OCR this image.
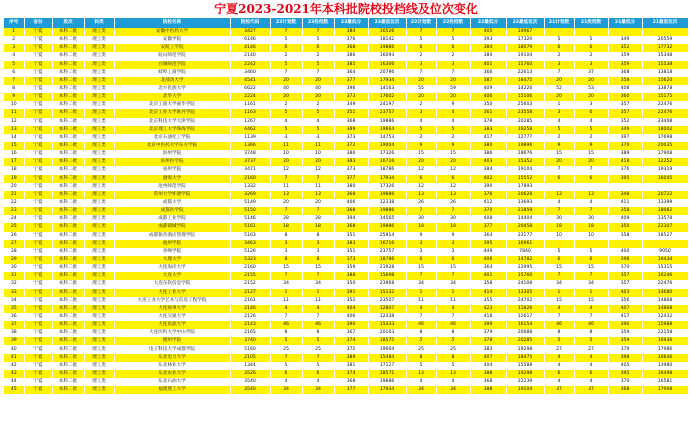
宁夏2023-2021年本科批院校投档线及位次变化
序号	省份	批次	科类	院校名称	院校代码	23计划数	23投档数	23最低分	23最低位次	22计划数	22投档数	22最低分	22最低位次	21计划数	21投档数	21最低分	21最低位次
1	宁夏	本科二批	理工类	安徽中医药大学	3427	7	7	384	16526	7	7	405	14967				
2	宁夏	本科二批	理工类	安徽学院	6146	5	5	376	18142	5	5	393	17320	5	5	349	20559
3	宁夏	本科二批	理工类	安航工学院	4146	6	6	368	19886	6	6	384	18079	6	6	352	17732
4	宁夏	本科二批	理工类	皖山师范学院	2140	2	2	386	16093	2	2	384	19104	2	2	359	15348
5	宁夏	本科二批	理工类	白城师范学院	2242	5	5	385	16306	3	3	401	15760	3	3	359	15538
6	宁夏	本科二批	理工类	蚌埠工商学院	3460	7	7	364	20796	7	7	366	22613	7	37	368	13818
7	宁夏	本科二批	理工类	北部湾大学	4541	20	20	377	17934	20	20	387	18475	20	20	358	15620
8	宁夏	本科二批	理工类	北方民族大学	6622	40	40	396	14163	55	59	409	14226	52	53	408	13878
9	宁夏	本科二批	理工类	北华大学	2224	20	20	373	17602	20	20	406	15106	20	20	360	15175
10	宁夏	本科二批	理工类	北京工商大学嘉华学院	1161	2	2	349	24197	2	9	350	25603	1	3	357	22476
11	宁夏	本科二批	理工类	北京工业大学耿丹学院	1163	5	5	351	23757	3	4	361	23558	3	6	357	22476
12	宁夏	本科二批	理工类	北京科技大学天津学院	1267	4	4	368	19886	4	4	378	20285	4	4	352	23408
13	宁夏	本科二批	理工类	北京理工大学珠海学院	4462	5	5	389	19664	5	5	383	19258	5	5	349	18002
14	宁夏	本科二批	理工类	北京石油化工学院	1139	3	3	373	14753	2	2	417	12777	2	2	397	17698
15	宁夏	本科二批	理工类	北京中医药大学东方学院	1366	11	11	372	19004	9	9	380	19896	9	9	370	20035
16	宁夏	本科二批	理工类	滨州学院	3748	10	10	380	17326	15	15	386	18676	15	15	389	17908
17	宁夏	本科二批	理工类	滨州医学院	3737	20	20	383	16716	20	20	403	15352	20	20	418	12252
18	宁夏	本科二批	理工类	亳州学院	3471	12	12	373	18786	12	12	384	19104	7	7	376	19319
19	宁夏	本科二批	理工类	渤海大学	2160	7	7	377	17934	6	6	402	15552	6	6	395	16045
20	宁夏	本科二批	理工类	沧州师范学院	1332	11	11	380	17326	12	12	390	17893				
21	宁夏	本科二批	理工类	常州大学怀德学院	3269	13	13	368	19886	13	13	376	20628	13	13	348	20722
22	宁夏	本科二批	理工类	成都大学	5149	20	20	406	12338	26	26	412	13693	4	4	411	13399
23	宁夏	本科二批	理工类	成都医学院	5150	7	7	368	19886	7	7	370	21859	7	7	358	18082
24	宁夏	本科二批	理工类	成都工业学院	5146	28	28	394	14565	30	30	408	14404	30	30	409	13578
25	宁夏	本科二批	理工类	成都锦城学院	5161	18	18	368	19886	18	18	377	20458	18	18	350	22307
26	宁夏	本科二批	理工类	成都银杏酒店管理学院	5163	8	8	351	25914	9	9	364	23177	10	10	358	18527
27	宁夏	本科二批	理工类	池州学院	3463	3	3	383	16716	3	3	395	16961				
28	宁夏	本科二批	理工类	赤峰学院	5126	3	3	351	23757	3	3	449	7840	5	5	400	9050
29	宁夏	本科二批	理工类	大理大学	5323	8	8	373	18786	6	6	406	14782	6	6	398	16434
30	宁夏	本科二批	理工类	大连海洋大学	2160	15	15	359	21928	15	15	364	22995	15	15	370	15315
31	宁夏	本科二批	理工类	大连大学	2155	7	7	388	15698	7	7	401	15760	7	7	357	16246
32	宁夏	本科二批	理工类	大连东软信息学院	2152	34	34	350	23968	34	34	358	24108	34	34	357	22476
33	宁夏	本科二批	理工类	大连工业大学	2127	1	1	391	15132	1	1	414	13305	1	1	403	14680
34	宁夏	本科二批	理工类	大连工业大学艺术与信息工程学院	2161	11	11	352	23507	11	11	355	24702	15	15	356	14868
35	宁夏	本科二批	理工类	大连海事大学	2146	4	4	404	12807	4	4	423	11826	4	4	407	14868
36	宁夏	本科二批	理工类	大连交通大学	2126	7	7	406	12338	7	7	418	12617	7	7	417	12432
37	宁夏	本科二批	理工类	大连民族大学	2143	46	46	390	15333	46	46	399	16154	46	46	396	15988
38	宁夏	本科二批	理工类	大连医科大学中山学院	2165	8	8	367	20103	8	8	379	20088	8	8	359	22158
39	宁夏	本科二批	理工类	德州学院	3740	5	5	374	18575	5	5	378	20285	5	5	359	16936
40	宁夏	本科二批	理工类	电子科技大学成都学院	5160	25	25	372	19004	25	25	383	19298	27	27	379	17986
41	宁夏	本科二批	理工类	东北电力大学	2105	7	7	389	15484	8	8	407	18475	4	4	398	16646
42	宁夏	本科二批	理工类	东北林业大学	1344	5	5	381	17127	5	5	404	15588	4	4	405	13980
43	宁夏	本科二批	理工类	东北农业大学	3526	6	6	374	18571	13	13	388	19298	6	6	395	16498
44	宁夏	本科二批	理工类	东北石油大学	3540	4	4	368	19886	4	4	368	22239	4	4	370	16581
45	宁夏	本科二批	理工类	福建理工大学	3540	34	34	377	17934	34	34	388	19104	37	37	368	17908
